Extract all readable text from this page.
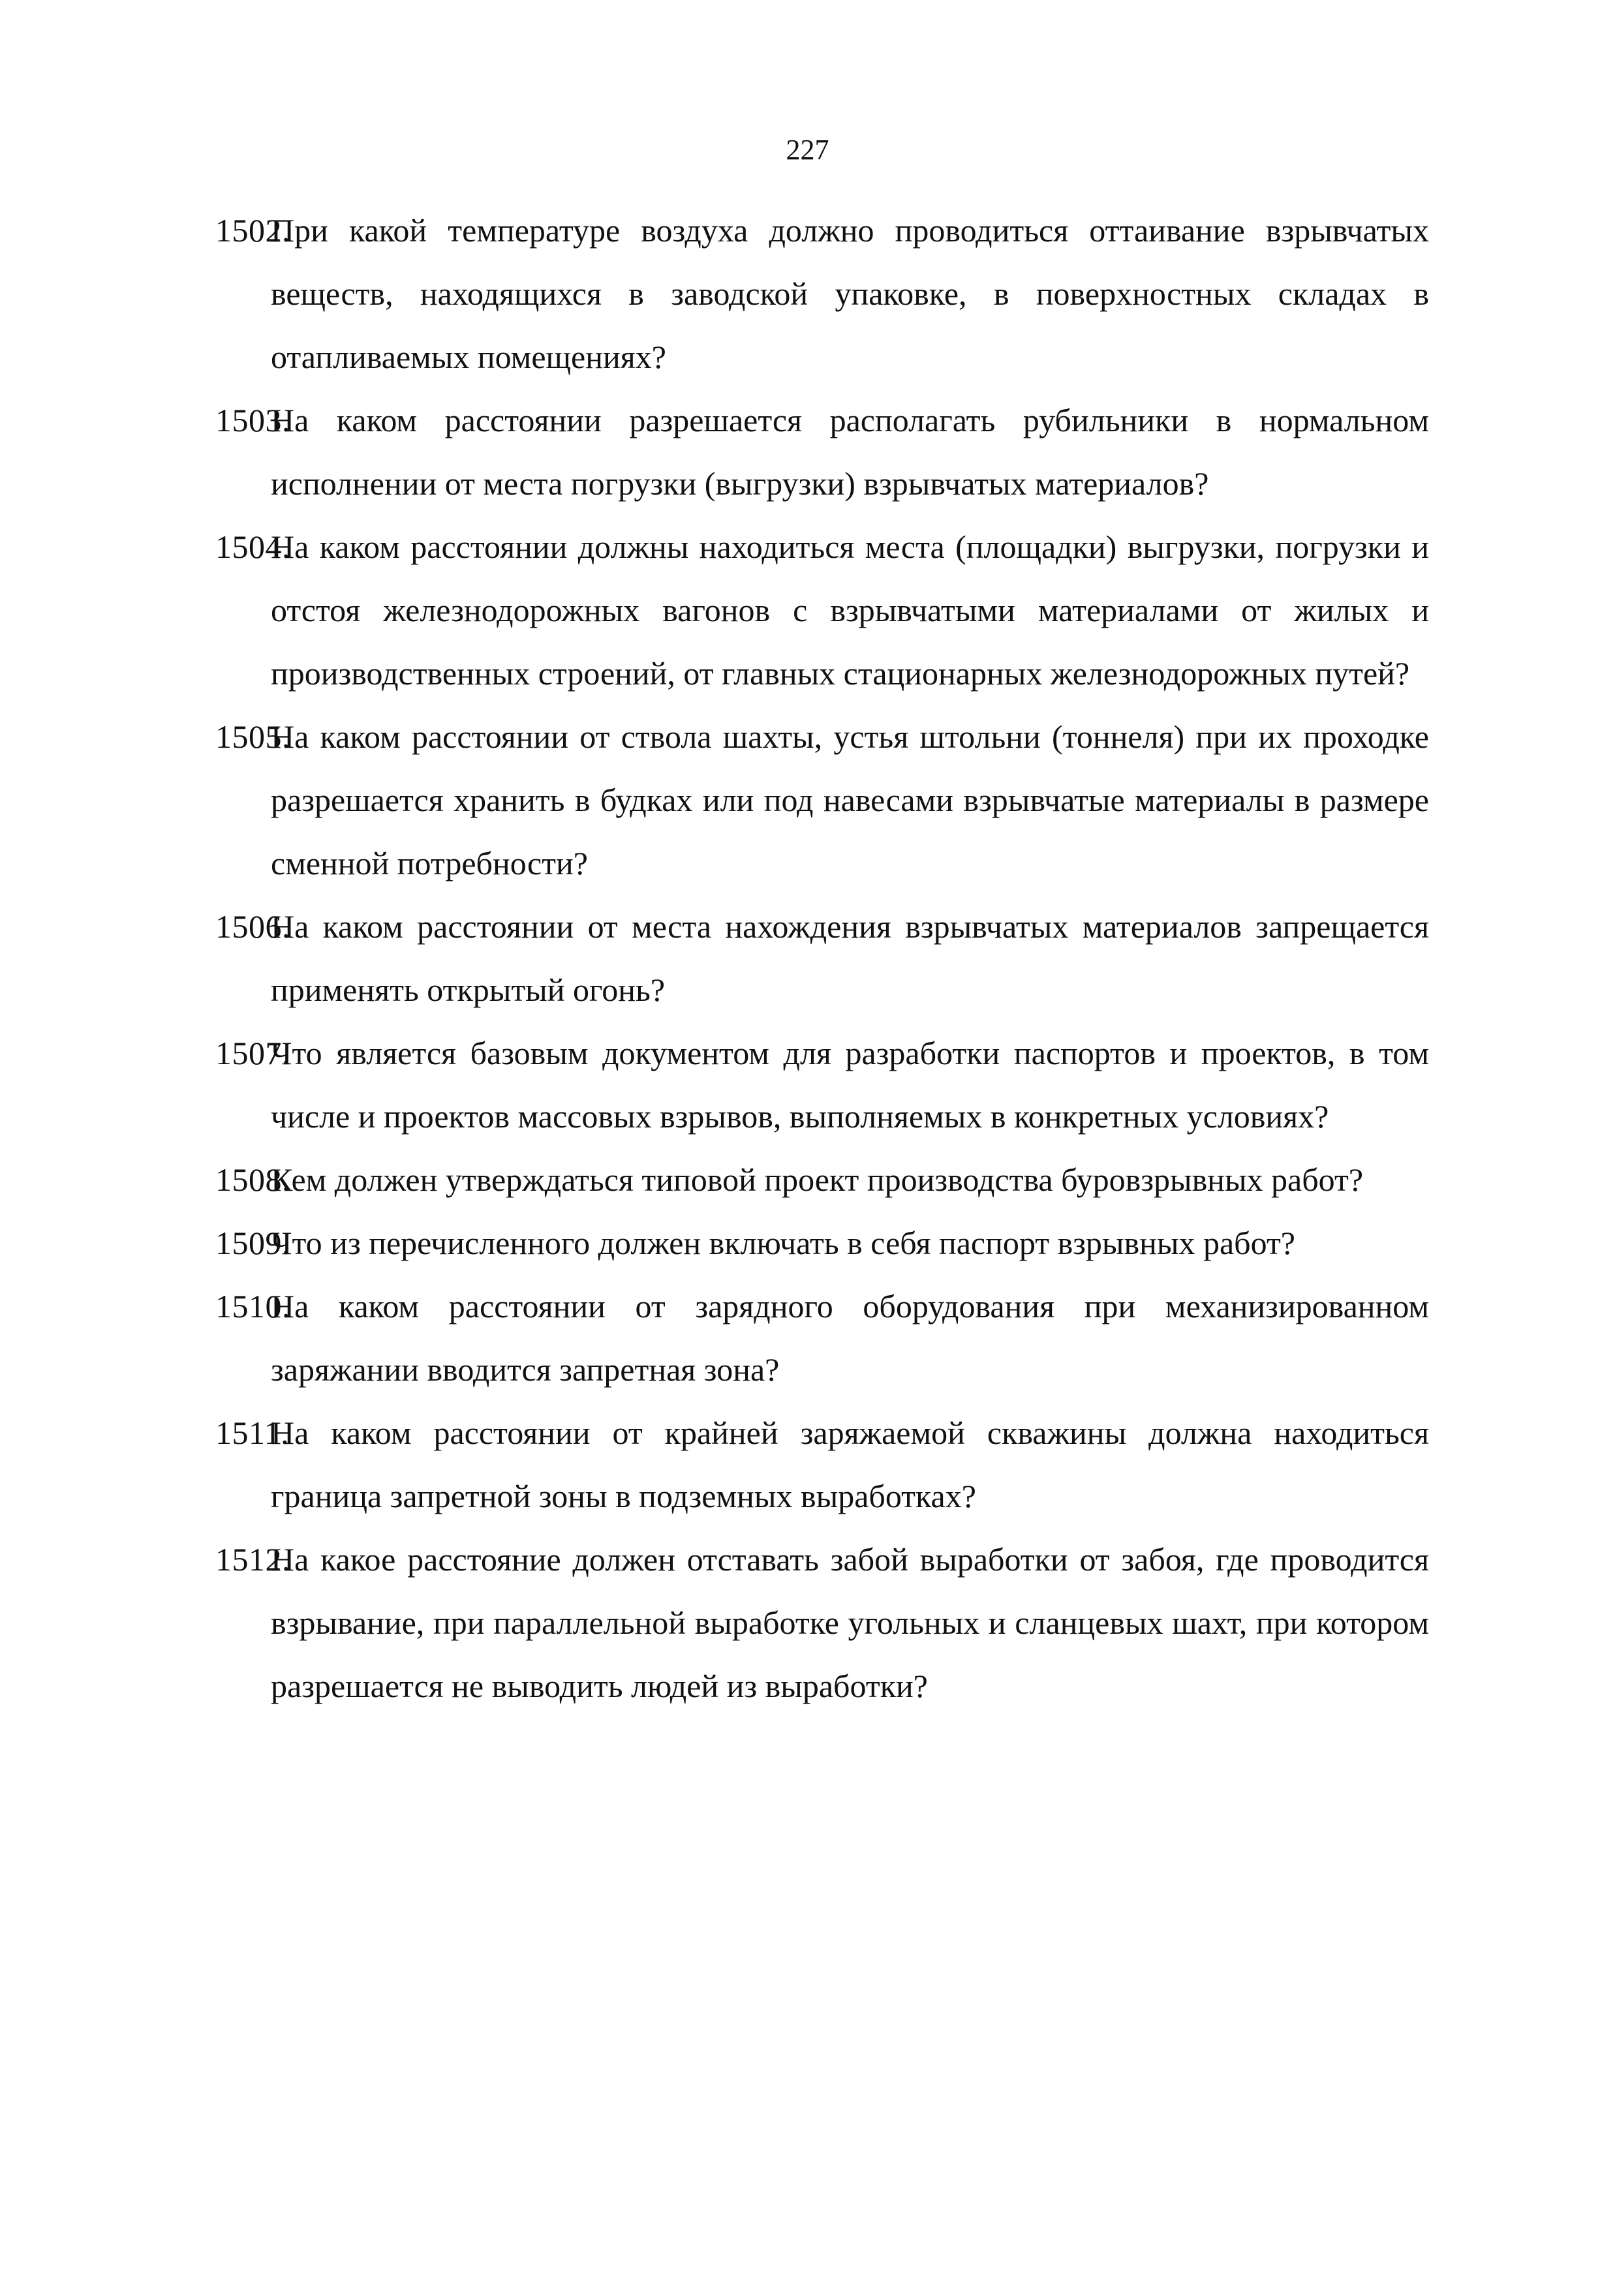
227
1502.
При какой температуре воздуха должно проводиться оттаивание взрывчатых веществ, находящихся в заводской упаковке, в поверхностных складах в отапливаемых помещениях?
1503.
На каком расстоянии разрешается располагать рубильники в нормальном исполнении от места погрузки (выгрузки) взрывчатых материалов?
1504.
На каком расстоянии должны находиться места (площадки) выгрузки, погрузки и отстоя железнодорожных вагонов с взрывчатыми материалами от жилых и производственных строений, от главных стационарных железнодорожных путей?
1505.
На каком расстоянии от ствола шахты, устья штольни (тоннеля) при их проходке разрешается хранить в будках или под навесами взрывчатые материалы в размере сменной потребности?
1506.
На каком расстоянии от места нахождения взрывчатых материалов запрещается применять открытый огонь?
1507.
Что является базовым документом для разработки паспортов и проектов, в том числе и проектов массовых взрывов, выполняемых в конкретных условиях?
1508.
Кем должен утверждаться типовой проект производства буровзрывных работ?
1509.
Что из перечисленного должен включать в себя паспорт взрывных работ?
1510.
На каком расстоянии от зарядного оборудования при механизированном заряжании вводится запретная зона?
1511.
На каком расстоянии от крайней заряжаемой скважины должна находиться граница запретной зоны в подземных выработках?
1512.
На какое расстояние должен отставать забой выработки от забоя, где проводится взрывание, при параллельной выработке угольных и сланцевых шахт, при котором разрешается не выводить людей из выработки?
